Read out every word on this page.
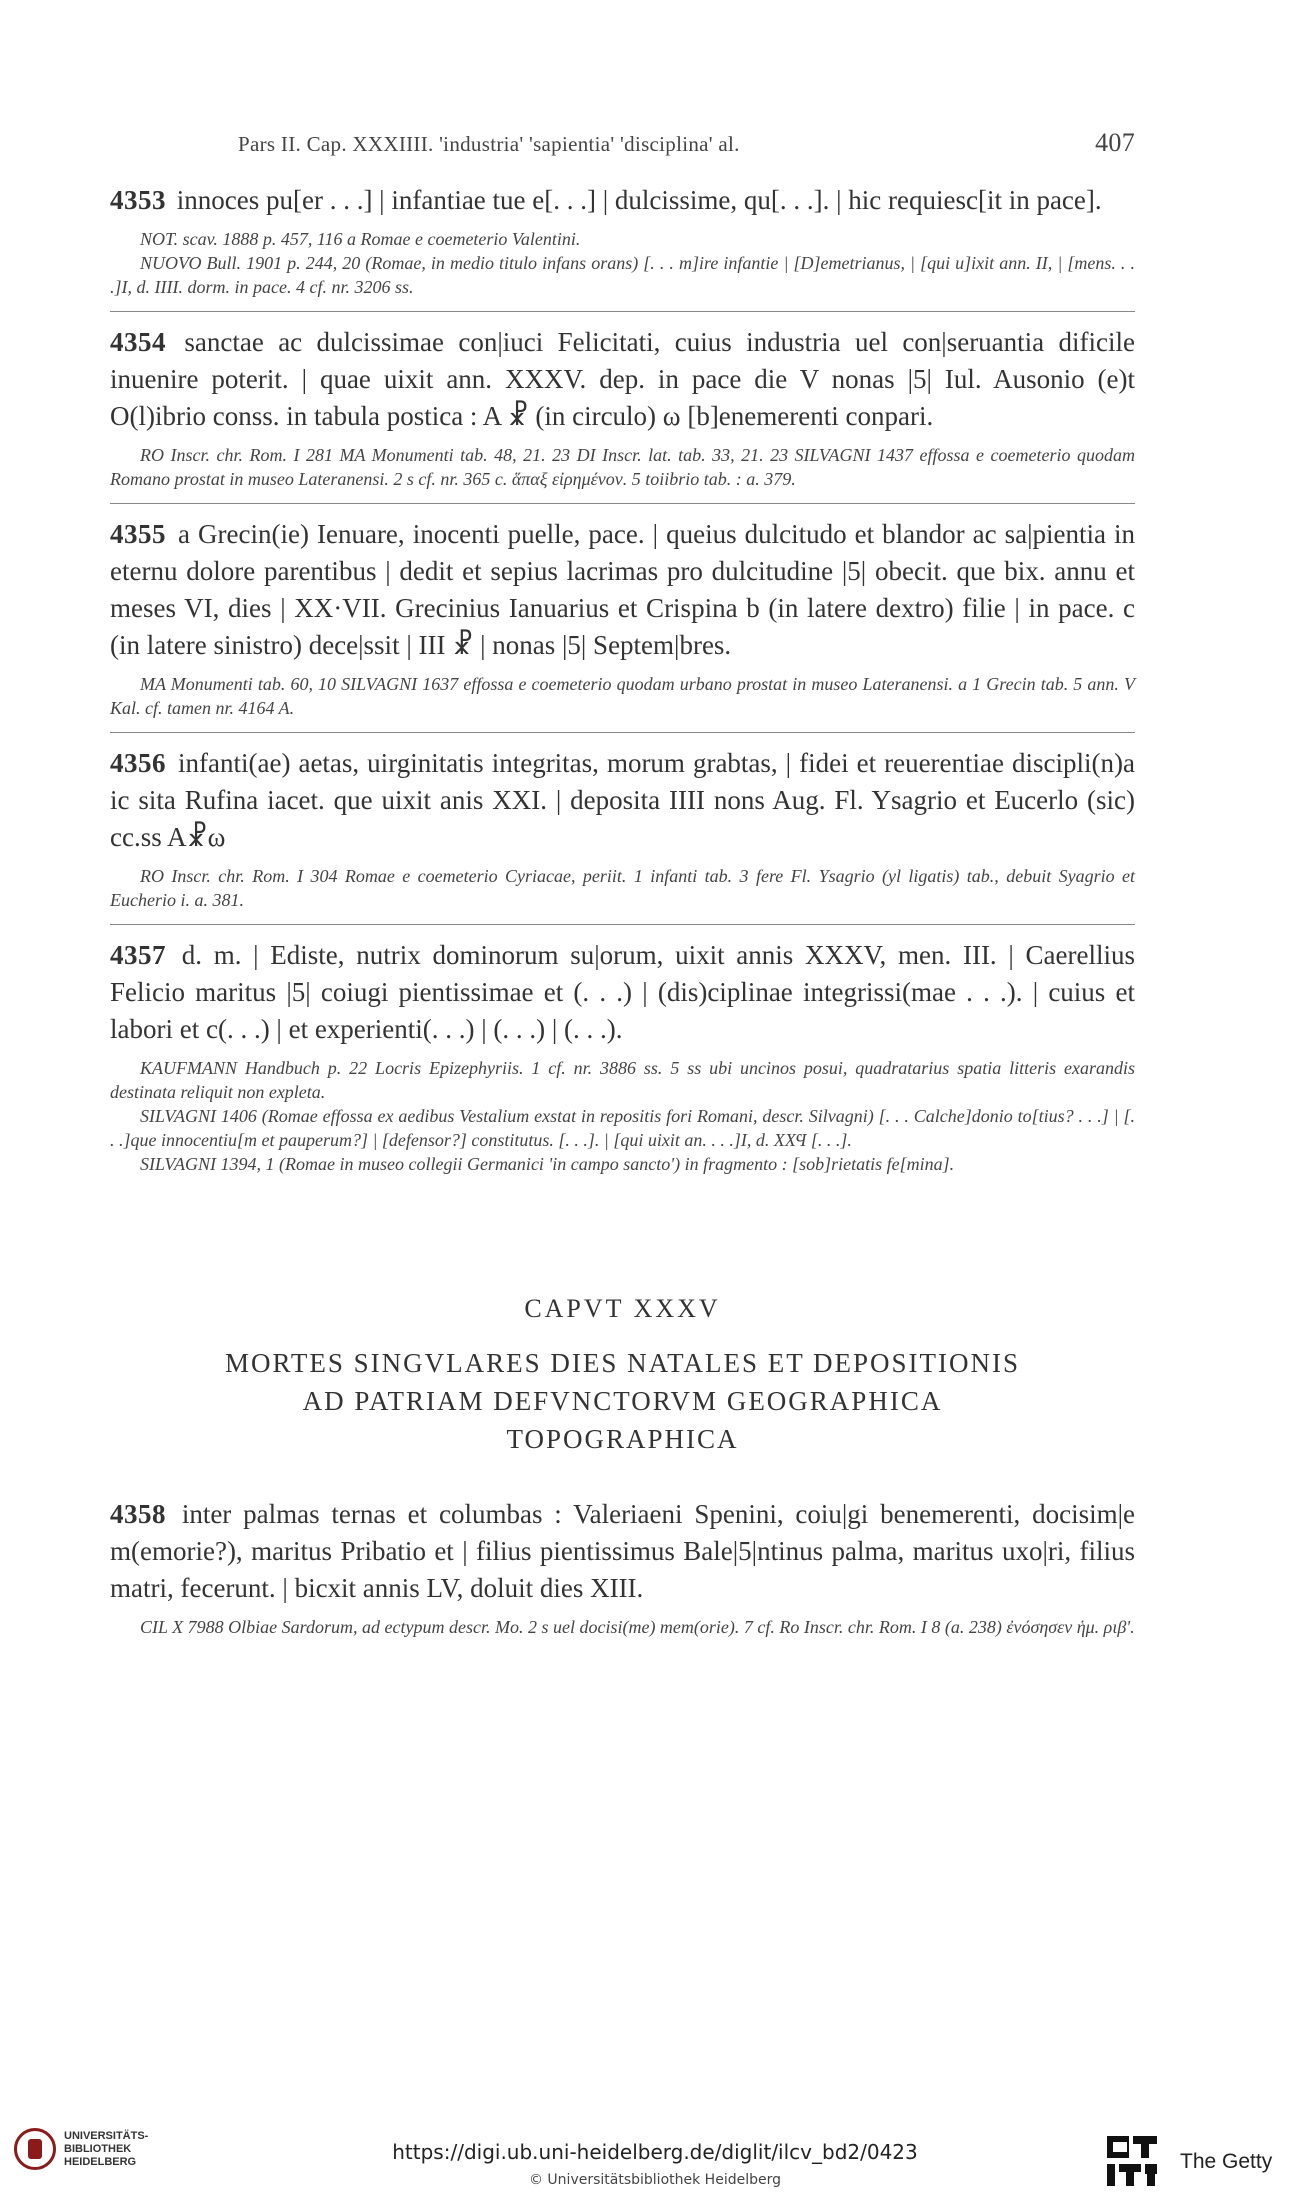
Pars II. Cap. XXXIIII. 'industria' 'sapientia' 'disciplina' al.	407

4353 innoces pu[er . . .] | infantiae tue e[. . .] | dulcissime, qu[. . .]. | hic requiesc[it in pace].

NOT. scav. 1888 p. 457, 116 a Romae e coemeterio Valentini.

NUOVO Bull. 1901 p. 244, 20 (Romae, in medio titulo infans orans) [. . . m]ire infantie | [D]emetrianus, | [qui u]ixit ann. II, | [mens. . . .]I, d. IIII. dorm. in pace. 4 cf. nr. 3206 ss.

4354 sanctae ac dulcissimae con|iuci Felicitati, cuius industria uel con|seruantia dificile inuenire poterit. | quae uixit ann. XXXV. dep. in pace die V nonas |5| Iul. Ausonio (e)t O(l)ibrio conss. in tabula postica : A ☧ (in circulo) ω [b]enemerenti conpari.

RO Inscr. chr. Rom. I 281 MA Monumenti tab. 48, 21. 23 DI Inscr. lat. tab. 33, 21. 23 SILVAGNI 1437 effossa e coemeterio quodam Romano prostat in museo Lateranensi. 2 s cf. nr. 365 c. ἅπαξ εἰρημένον. 5 toiibrio tab. : a. 379.

4355 a Grecin(ie) Ienuare, inocenti puelle, pace. | queius dulcitudo et blandor ac sa|pientia in eternu dolore parentibus | dedit et sepius lacrimas pro dulcitudine |5| obecit. que bix. annu et meses VI, dies | XX·VII. Grecinius Ianuarius et Crispina b (in latere dextro) filie | in pace. c (in latere sinistro) dece|ssit | III ☧ | nonas |5| Septem|bres.

MA Monumenti tab. 60, 10 SILVAGNI 1637 effossa e coemeterio quodam urbano prostat in museo Lateranensi. a 1 Grecin tab. 5 ann. V Kal. cf. tamen nr. 4164 A.

4356 infanti(ae) aetas, uirginitatis integritas, morum grabtas, | fidei et reuerentiae discipli(n)a ic sita Rufina iacet. que uixit anis XXI. | deposita IIII nons Aug. Fl. Ysagrio et Eucerlo (sic) cc.ss A☧ω

RO Inscr. chr. Rom. I 304 Romae e coemeterio Cyriacae, periit. 1 infanti tab. 3 fere Fl. Ysagrio (yl ligatis) tab., debuit Syagrio et Eucherio i. a. 381.

4357 d. m. | Ediste, nutrix dominorum su|orum, uixit annis XXXV, men. III. | Caerellius Felicio maritus |5| coiugi pientissimae et (. . .) | (dis)ciplinae integrissi(mae . . .). | cuius et labori et c(. . .) | et experienti(. . .) | (. . .) | (. . .).

KAUFMANN Handbuch p. 22 Locris Epizephyriis. 1 cf. nr. 3886 ss. 5 ss ubi uncinos posui, quadratarius spatia litteris exarandis destinata reliquit non expleta.

SILVAGNI 1406 (Romae effossa ex aedibus Vestalium exstat in repositis fori Romani, descr. Silvagni) [. . . Calche]donio to[tius? . . .] | [. . .]que innocentiu[m et pauperum?] | [defensor?] constitutus. [. . .]. | [qui uixit an. . . .]I, d. XXϤ [. . .].

SILVAGNI 1394, 1 (Romae in museo collegii Germanici 'in campo sancto') in fragmento : [sob]rietatis fe[mina].

CAPVT XXXV
MORTES SINGVLARES DIES NATALES ET DEPOSITIONIS
AD PATRIAM DEFVNCTORVM GEOGRAPHICA
TOPOGRAPHICA

4358 inter palmas ternas et columbas : Valeriaeni Spenini, coiu|gi benemerenti, docisim|e m(emorie?), maritus Pribatio et | filius pientissimus Bale|5|ntinus palma, maritus uxo|ri, filius matri, fecerunt. | bicxit annis LV, doluit dies XIII.

CIL X 7988 Olbiae Sardorum, ad ectypum descr. Mo. 2 s uel docisi(me) mem(orie). 7 cf. Ro Inscr. chr. Rom. I 8 (a. 238) ἐνόσησεν ἡμ. ριβ'.

UNIVERSITÄTS-
BIBLIOTHEK
HEIDELBERG	https://digi.ub.uni-heidelberg.de/diglit/ilcv_bd2/0423
© Universitätsbibliothek Heidelberg
The Getty
